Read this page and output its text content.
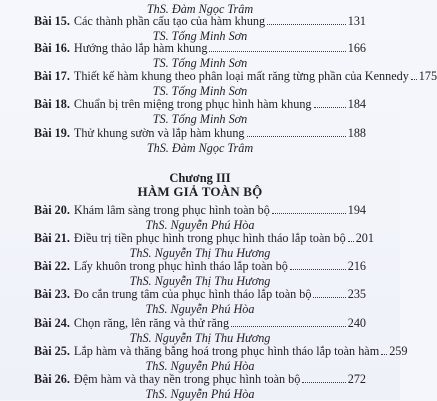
ThS. Đàm Ngọc Trâm
Bài 15. Các thành phần cấu tạo của hàm khung	131
TS. Tống Minh Sơn
Bài 16. Hướng thảo lắp hàm khung	166
TS. Tống Minh Sơn
Bài 17. Thiết kế hàm khung theo phân loại mất răng từng phần của Kennedy 175
TS. Tống Minh Sơn
Bài 18. Chuẩn bị trên miệng trong phục hình hàm khung	184
TS. Tống Minh Sơn
Bài 19. Thử khung sườn và lắp hàm khung	188
ThS. Đàm Ngọc Trâm
Chương III
HÀM GIẢ TOÀN BỘ
Bài 20. Khám lâm sàng trong phục hình toàn bộ	194
ThS. Nguyễn Phú Hòa
Bài 21. Điều trị tiền phục hình trong phục hình tháo lắp toàn bộ 201
ThS. Nguyễn Thị Thu Hương
Bài 22. Lấy khuôn trong phục hình tháo lắp toàn bộ	216
ThS. Nguyễn Thị Thu Hương
Bài 23. Đo cắn trung tâm của phục hình tháo lắp toàn bộ	235
ThS. Nguyễn Phú Hòa
Bài 24. Chọn răng, lên răng và thử răng	240
ThS. Nguyễn Thị Thu Hương
Bài 25. Lắp hàm và thăng bằng hoá trong phục hình tháo lắp toàn hàm 259
ThS. Nguyễn Phú Hòa
Bài 26. Đệm hàm và thay nền trong phục hình toàn bộ	272
ThS. Nguyễn Phú Hòa
